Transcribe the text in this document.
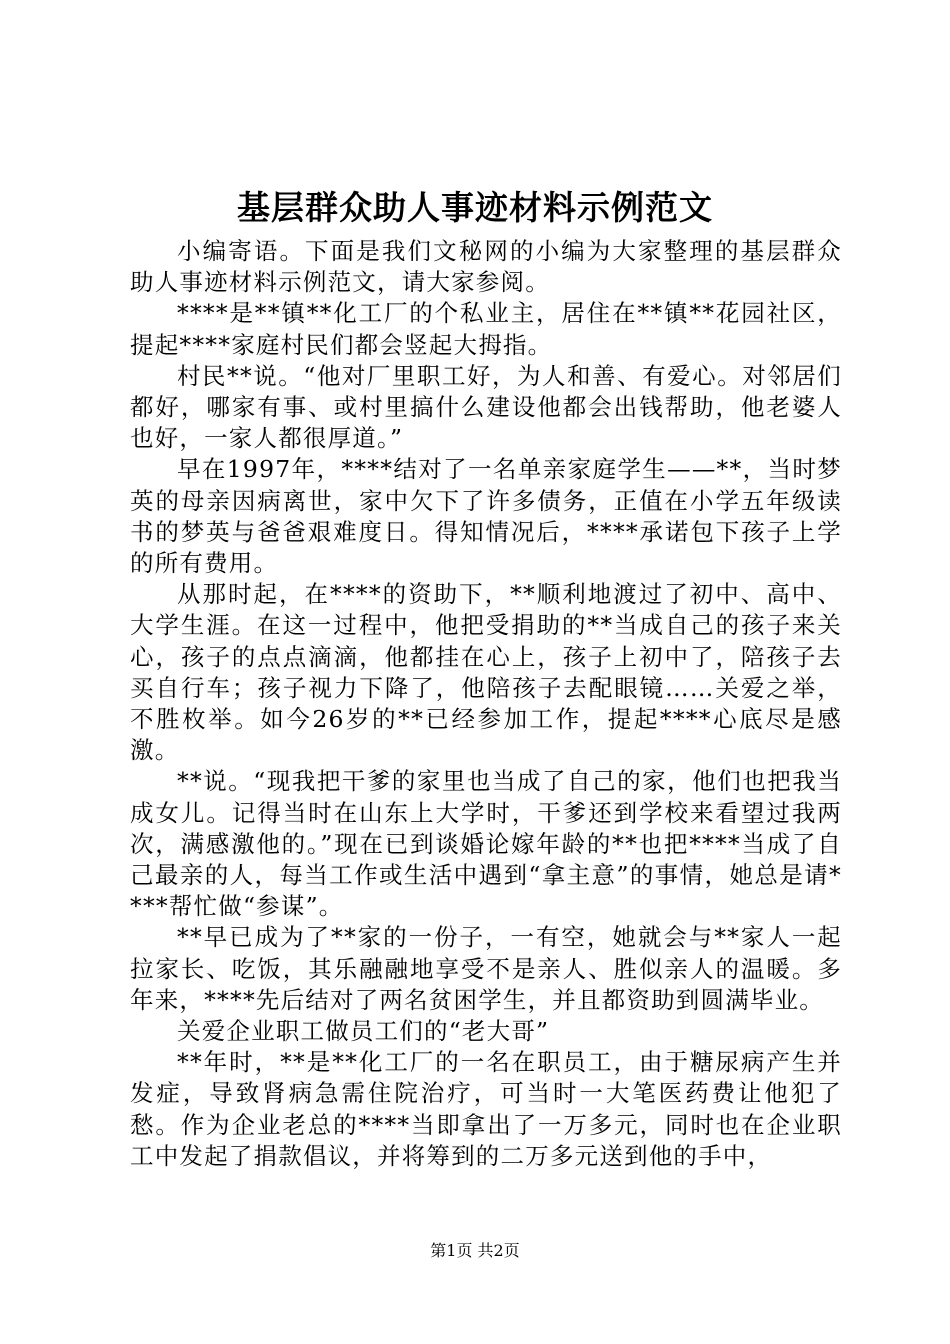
基层群众助人事迹材料示例范文

小编寄语。下面是我们文秘网的小编为大家整理的基层群众助人事迹材料示例范文，请大家参阅。

****是**镇**化工厂的个私业主，居住在**镇**花园社区，提起****家庭村民们都会竖起大拇指。

村民**说。“他对厂里职工好，为人和善、有爱心。对邻居们都好，哪家有事、或村里搞什么建设他都会出钱帮助，他老婆人也好，一家人都很厚道。”

早在1997年，****结对了一名单亲家庭学生——**，当时梦英的母亲因病离世，家中欠下了许多债务，正值在小学五年级读书的梦英与爸爸艰难度日。得知情况后，****承诺包下孩子上学的所有费用。

从那时起，在****的资助下，**顺利地渡过了初中、高中、大学生涯。在这一过程中，他把受捐助的**当成自己的孩子来关心，孩子的点点滴滴，他都挂在心上，孩子上初中了，陪孩子去买自行车；孩子视力下降了，他陪孩子去配眼镜……关爱之举，不胜枚举。如今26岁的**已经参加工作，提起****心底尽是感激。

**说。“现我把干爹的家里也当成了自己的家，他们也把我当成女儿。记得当时在山东上大学时，干爹还到学校来看望过我两次，满感激他的。”现在已到谈婚论嫁年龄的**也把****当成了自己最亲的人，每当工作或生活中遇到“拿主意”的事情，她总是请****帮忙做“参谋”。

**早已成为了**家的一份子，一有空，她就会与**家人一起拉家长、吃饭，其乐融融地享受不是亲人、胜似亲人的温暖。多年来，****先后结对了两名贫困学生，并且都资助到圆满毕业。

关爱企业职工做员工们的“老大哥”

**年时，**是**化工厂的一名在职员工，由于糖尿病产生并发症，导致肾病急需住院治疗，可当时一大笔医药费让他犯了愁。作为企业老总的****当即拿出了一万多元，同时也在企业职工中发起了捐款倡议，并将筹到的二万多元送到他的手中，

第1页 共2页
